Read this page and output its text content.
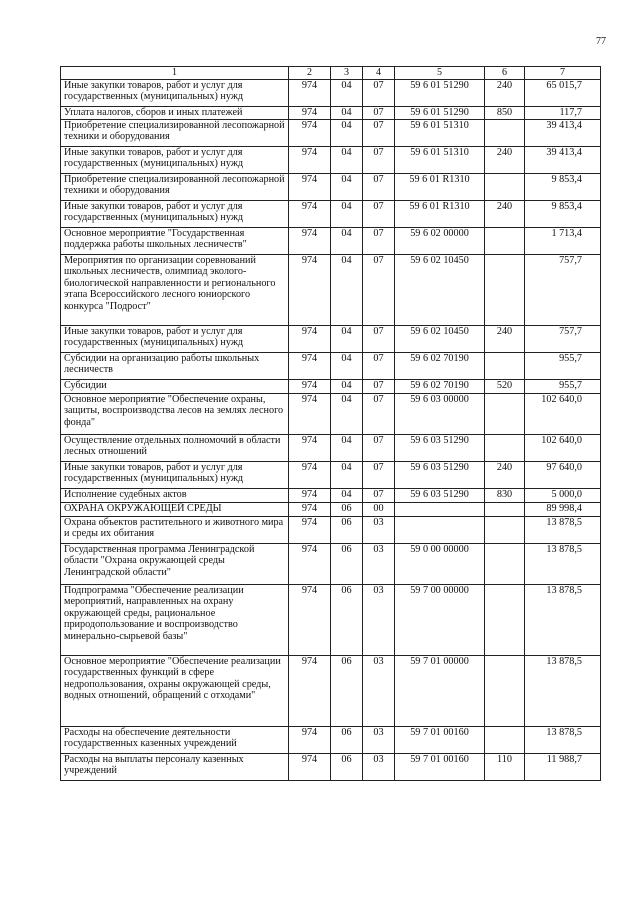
77
1	2	3	4	5	6	7
Иные закупки товаров, работ и услуг для государственных (муниципальных) нужд	974	04	07	59 6 01 51290	240	65 015,7
Уплата налогов, сборов и иных платежей	974	04	07	59 6 01 51290	850	117,7
Приобретение специализированной лесопожарной техники и оборудования	974	04	07	59 6 01 51310		39 413,4
Иные закупки товаров, работ и услуг для государственных (муниципальных) нужд	974	04	07	59 6 01 51310	240	39 413,4
Приобретение специализированной лесопожарной техники и оборудования	974	04	07	59 6 01 R1310		9 853,4
Иные закупки товаров, работ и услуг для государственных (муниципальных) нужд	974	04	07	59 6 01 R1310	240	9 853,4
Основное мероприятие "Государственная поддержка работы школьных лесничеств"	974	04	07	59 6 02 00000		1 713,4
Мероприятия по организации соревнований школьных лесничеств, олимпиад эколого-биологической направленности и регионального этапа Всероссийского лесного юниорского конкурса "Подрост"	974	04	07	59 6 02 10450		757,7
Иные закупки товаров, работ и услуг для государственных (муниципальных) нужд	974	04	07	59 6 02 10450	240	757,7
Субсидии на организацию работы школьных лесничеств	974	04	07	59 6 02 70190		955,7
Субсидии	974	04	07	59 6 02 70190	520	955,7
Основное мероприятие "Обеспечение охраны, защиты, воспроизводства лесов на землях лесного фонда"	974	04	07	59 6 03 00000		102 640,0
Осуществление отдельных полномочий в области лесных отношений	974	04	07	59 6 03 51290		102 640,0
Иные закупки товаров, работ и услуг для государственных (муниципальных) нужд	974	04	07	59 6 03 51290	240	97 640,0
Исполнение судебных актов	974	04	07	59 6 03 51290	830	5 000,0
ОХРАНА ОКРУЖАЮЩЕЙ СРЕДЫ	974	06	00			89 998,4
Охрана объектов растительного и животного мира и среды их обитания	974	06	03			13 878,5
Государственная программа Ленинградской области "Охрана окружающей среды Ленинградской области"	974	06	03	59 0 00 00000		13 878,5
Подпрограмма "Обеспечение реализации мероприятий, направленных на охрану окружающей среды, рациональное природопользование и воспроизводство минерально-сырьевой базы"	974	06	03	59 7 00 00000		13 878,5
Основное мероприятие "Обеспечение реализации государственных функций в сфере недропользования, охраны окружающей среды, водных отношений, обращений с отходами"	974	06	03	59 7 01 00000		13 878,5
Расходы на обеспечение деятельности государственных казенных учреждений	974	06	03	59 7 01 00160		13 878,5
Расходы на выплаты персоналу казенных учреждений	974	06	03	59 7 01 00160	110	11 988,7
